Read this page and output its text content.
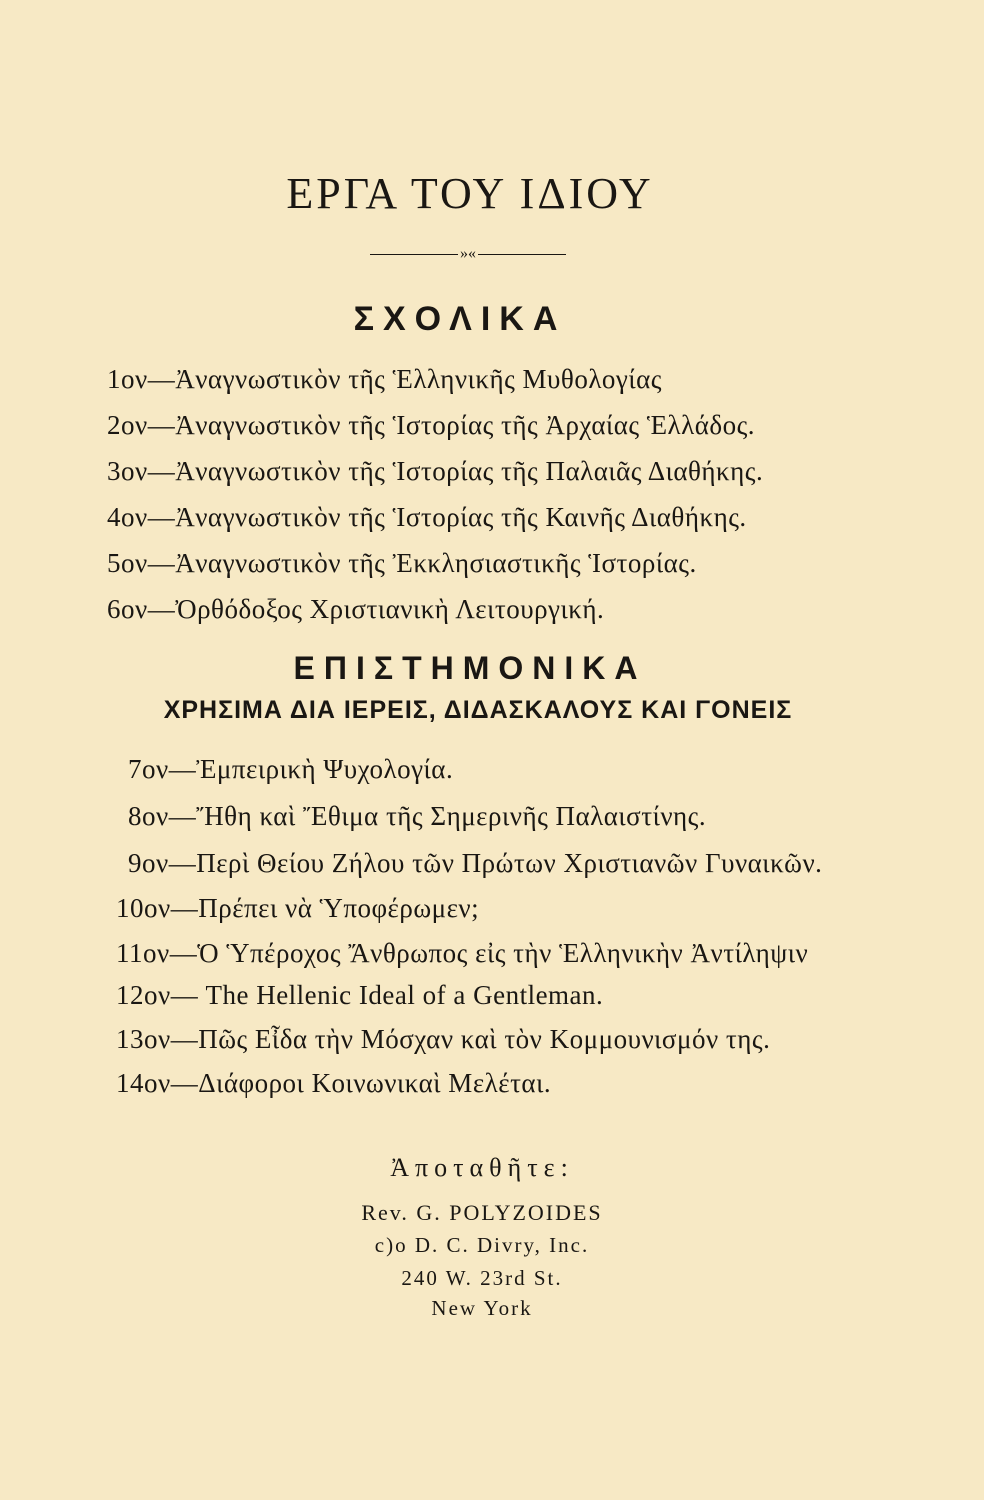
ΕΡΓΑ ΤΟΥ ΙΔΙΟΥ
»«
ΣΧΟΛΙΚΑ
1ον—Ἀναγνωστικὸν τῆς Ἑλληνικῆς Μυθολογίας
2ον—Ἀναγνωστικὸν τῆς Ἱστορίας τῆς Ἀρχαίας Ἑλλάδος.
3ον—Ἀναγνωστικὸν τῆς Ἱστορίας τῆς Παλαιᾶς Διαθήκης.
4ον—Ἀναγνωστικὸν τῆς Ἱστορίας τῆς Καινῆς Διαθήκης.
5ον—Ἀναγνωστικὸν τῆς Ἐκκλησιαστικῆς Ἱστορίας.
6ον—Ὀρθόδοξος Χριστιανικὴ Λειτουργική.
ΕΠΙΣΤΗΜΟΝΙΚΑ
ΧΡΗΣΙΜΑ ΔΙΑ ΙΕΡΕΙΣ, ΔΙΔΑΣΚΑΛΟΥΣ ΚΑΙ ΓΟΝΕΙΣ
7ον—Ἐμπειρικὴ Ψυχολογία.
8ον—Ἤθη καὶ Ἔθιμα τῆς Σημερινῆς Παλαιστίνης.
9ον—Περὶ Θείου Ζήλου τῶν Πρώτων Χριστιανῶν Γυναικῶν.
10ον—Πρέπει νὰ Ὑποφέρωμεν;
11ον—Ὁ Ὑπέροχος Ἄνθρωπος εἰς τὴν Ἑλληνικὴν Ἀντίληψιν
12ον— The Hellenic Ideal of a Gentleman.
13ον—Πῶς Εἶδα τὴν Μόσχαν καὶ τὸν Κομμουνισμόν της.
14ον—Διάφοροι Κοινωνικαὶ Μελέται.
Ἀποταθῆτε:
Rev. G. POLYZOIDES
c)o D. C. Divry, Inc.
240 W. 23rd St.
New York
